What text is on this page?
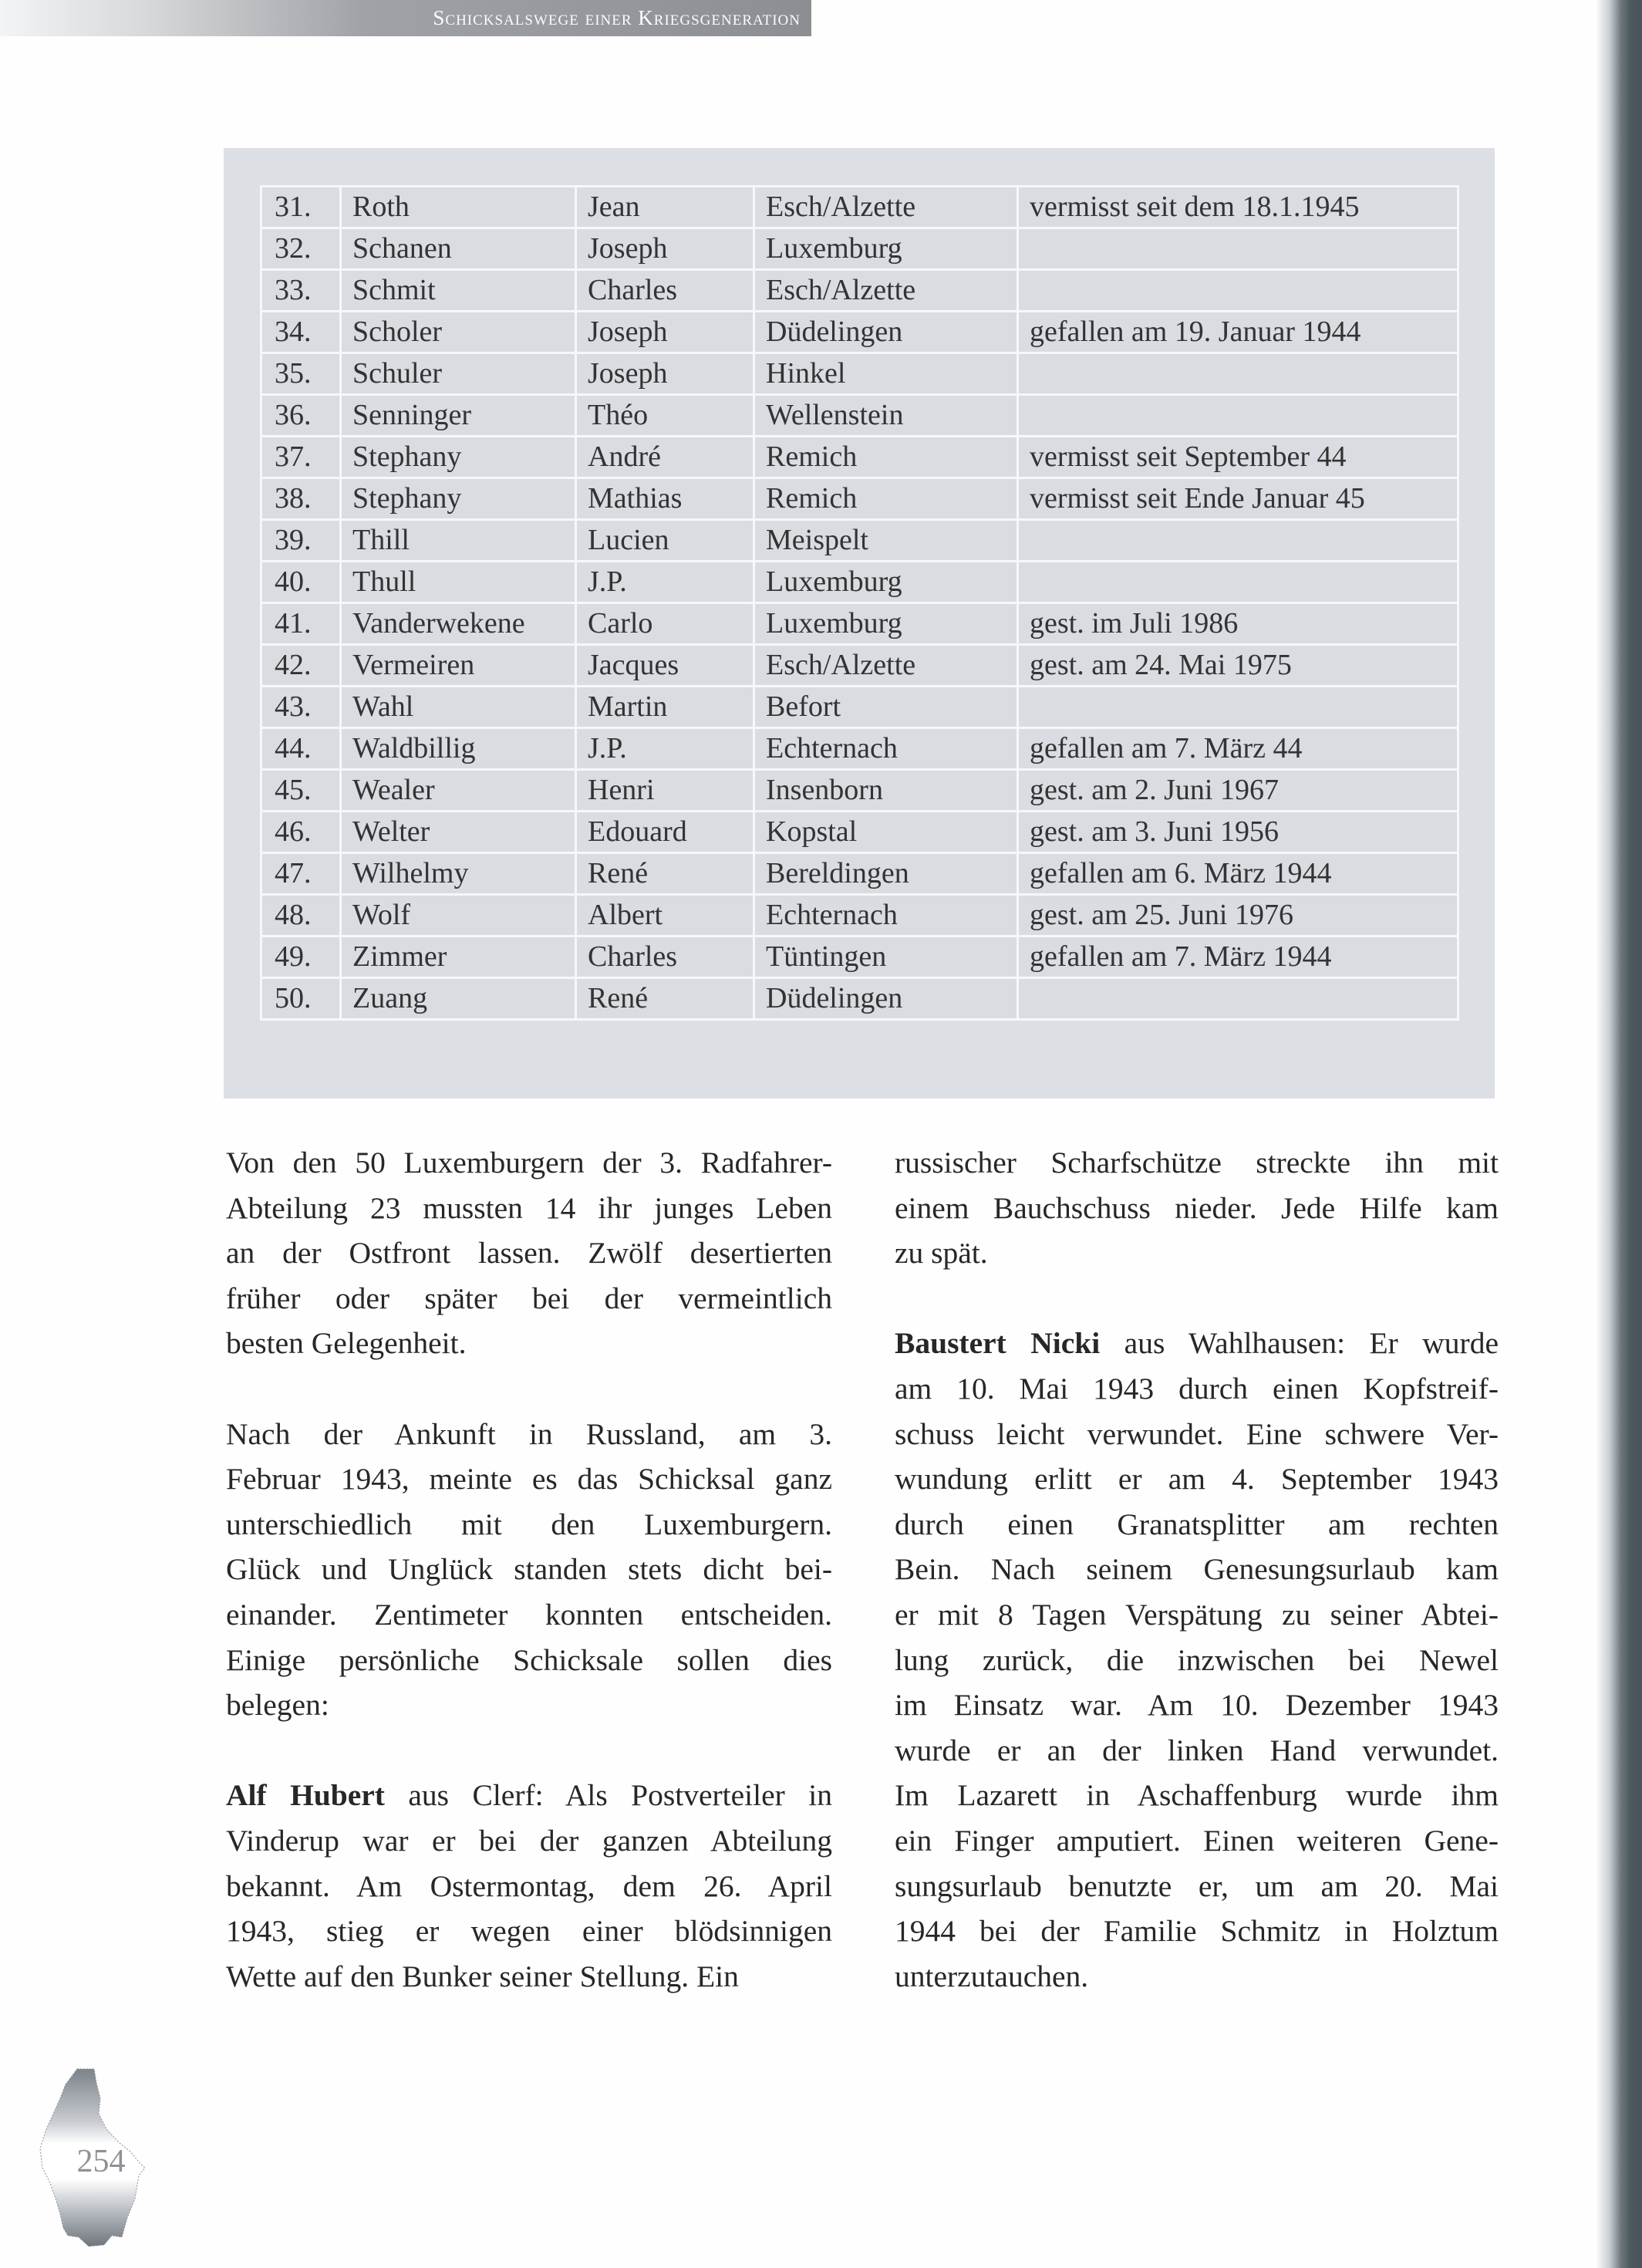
Schicksalswege einer Kriegsgeneration
31.	Roth	Jean	Esch/Alzette	vermisst seit dem 18.1.1945
32.	Schanen	Joseph	Luxemburg	
33.	Schmit	Charles	Esch/Alzette	
34.	Scholer	Joseph	Düdelingen	gefallen am 19. Januar 1944
35.	Schuler	Joseph	Hinkel	
36.	Senninger	Théo	Wellenstein	
37.	Stephany	André	Remich	vermisst seit September 44
38.	Stephany	Mathias	Remich	vermisst seit Ende Januar 45
39.	Thill	Lucien	Meispelt	
40.	Thull	J.P.	Luxemburg	
41.	Vanderwekene	Carlo	Luxemburg	gest. im Juli 1986
42.	Vermeiren	Jacques	Esch/Alzette	gest. am 24. Mai 1975
43.	Wahl	Martin	Befort	
44.	Waldbillig	J.P.	Echternach	gefallen am 7. März 44
45.	Wealer	Henri	Insenborn	gest. am 2. Juni 1967
46.	Welter	Edouard	Kopstal	gest. am 3. Juni 1956
47.	Wilhelmy	René	Bereldingen	gefallen am 6. März 1944
48.	Wolf	Albert	Echternach	gest. am 25. Juni 1976
49.	Zimmer	Charles	Tüntingen	gefallen am 7. März 1944
50.	Zuang	René	Düdelingen	

Von den 50 Luxemburgern der 3. Radfahrer-
Abteilung 23 mussten 14 ihr junges Leben
an der Ostfront lassen. Zwölf desertierten
früher oder später bei der vermeintlich
besten Gelegenheit.

Nach der Ankunft in Russland, am 3.
Februar 1943, meinte es das Schicksal ganz
unterschiedlich mit den Luxemburgern.
Glück und Unglück standen stets dicht bei-
einander. Zentimeter konnten entscheiden.
Einige persönliche Schicksale sollen dies
belegen:

Alf Hubert aus Clerf: Als Postverteiler in
Vinderup war er bei der ganzen Abteilung
bekannt. Am Ostermontag, dem 26. April
1943, stieg er wegen einer blödsinnigen
Wette auf den Bunker seiner Stellung. Ein

russischer Scharfschütze streckte ihn mit
einem Bauchschuss nieder. Jede Hilfe kam
zu spät.

Baustert Nicki aus Wahlhausen: Er wurde
am 10. Mai 1943 durch einen Kopfstreif-
schuss leicht verwundet. Eine schwere Ver-
wundung erlitt er am 4. September 1943
durch einen Granatsplitter am rechten
Bein. Nach seinem Genesungsurlaub kam
er mit 8 Tagen Verspätung zu seiner Abtei-
lung zurück, die inzwischen bei Newel
im Einsatz war. Am 10. Dezember 1943
wurde er an der linken Hand verwundet.
Im Lazarett in Aschaffenburg wurde ihm
ein Finger amputiert. Einen weiteren Gene-
sungsurlaub benutzte er, um am 20. Mai
1944 bei der Familie Schmitz in Holztum
unterzutauchen.

254
